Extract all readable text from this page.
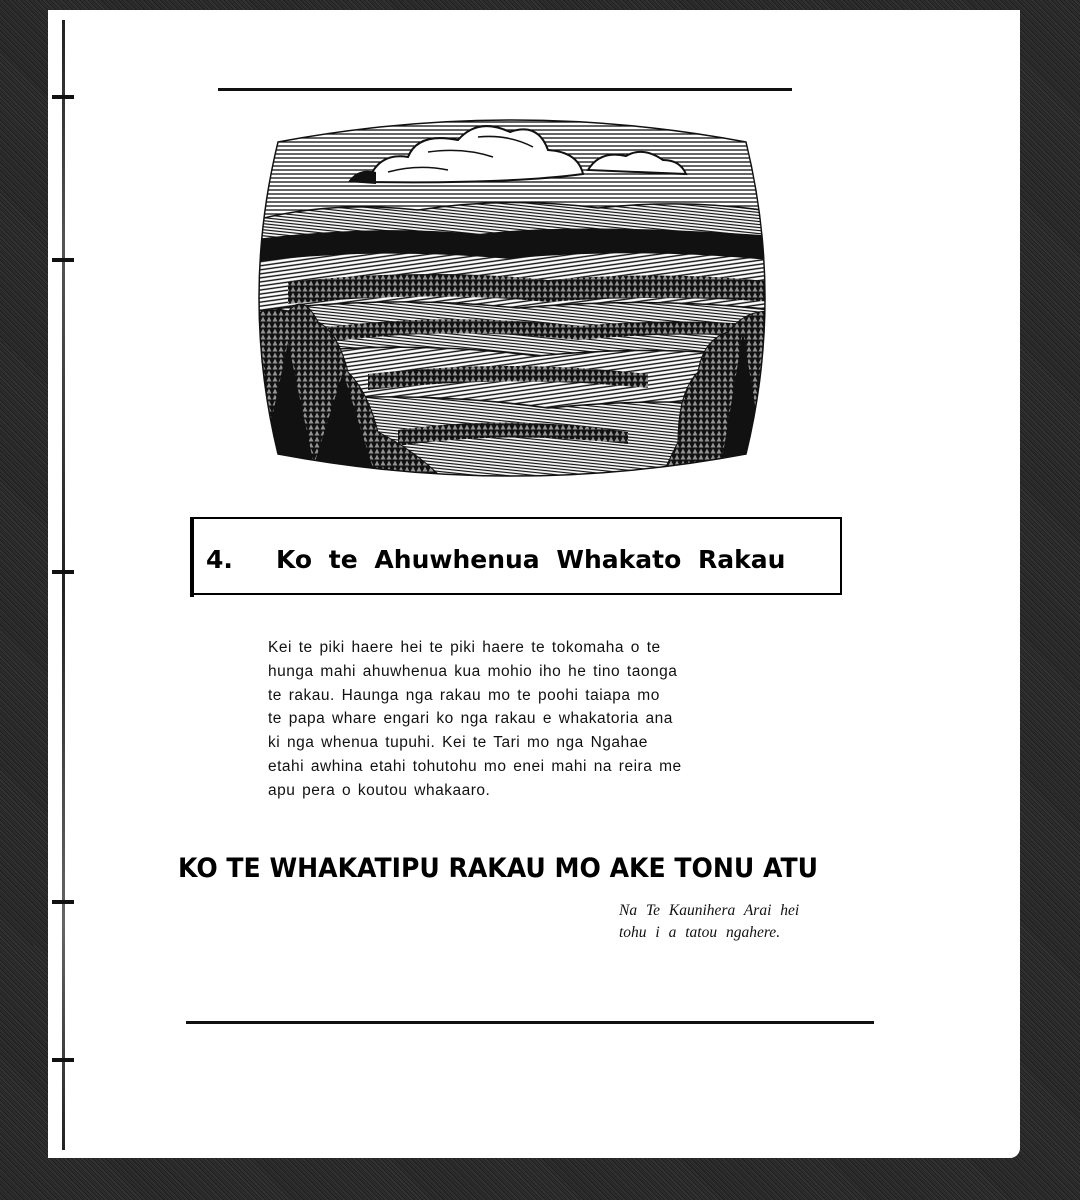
4. Ko te Ahuwhenua Whakato Rakau
Kei te piki haere hei te piki haere te tokomaha o te
hunga mahi ahuwhenua kua mohio iho he tino taonga
te rakau. Haunga nga rakau mo te poohi taiapa mo
te papa whare engari ko nga rakau e whakatoria ana
ki nga whenua tupuhi. Kei te Tari mo nga Ngahae
etahi awhina etahi tohutohu mo enei mahi na reira me
apu pera o koutou whakaaro.
KO TE WHAKATIPU RAKAU MO AKE TONU ATU
Na Te Kaunihera Arai hei
tohu i a tatou ngahere.
